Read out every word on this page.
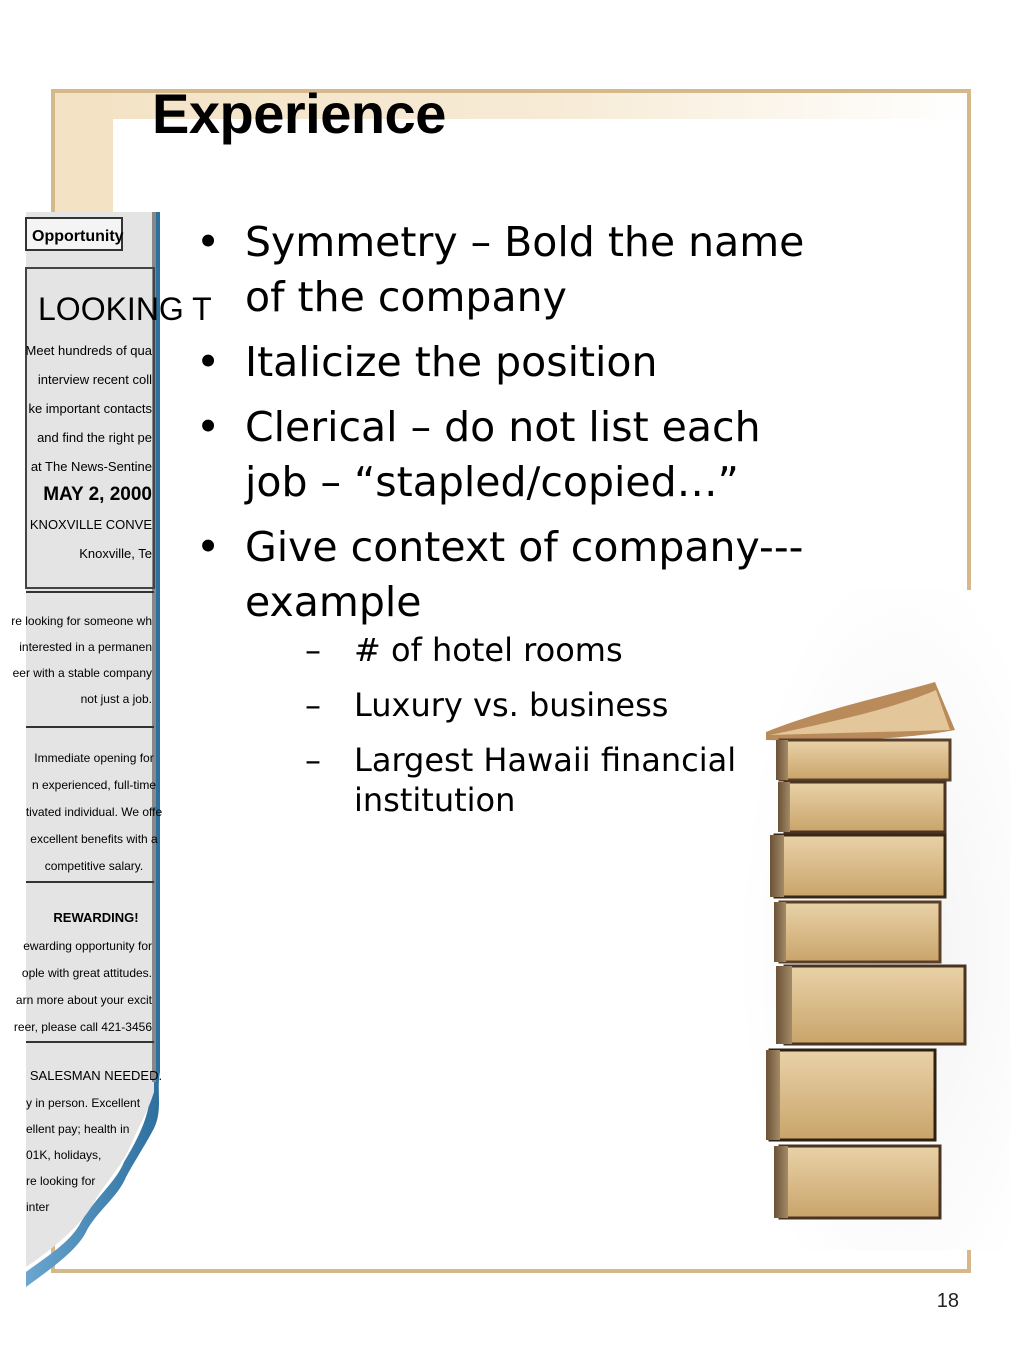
Experience
Opportunity
LOOKING T
Meet hundreds of qua
interview recent coll
ke important contacts
and find the right pe
at The News-Sentine
MAY 2, 2000
KNOXVILLE CONVE
Knoxville, Te
re looking for someone wh
interested in a permanen
eer with a stable company
not just a job.
Immediate opening for
n experienced, full-time
tivated individual. We offe
excellent benefits with a
competitive salary.
REWARDING!
ewarding opportunity for
ople with great attitudes.
arn more about your excit
reer, please call 421-3456
SALESMAN NEEDED.
y in person. Excellent
ellent pay; health in
01K, holidays,
re looking for
inter
• Symmetry – Bold the name of the company
• Italicize the position
• Clerical – do not list each job – “stapled/copied…”
• Give context of company---example
– # of hotel rooms
– Luxury vs. business
– Largest Hawaii financial institution
18
